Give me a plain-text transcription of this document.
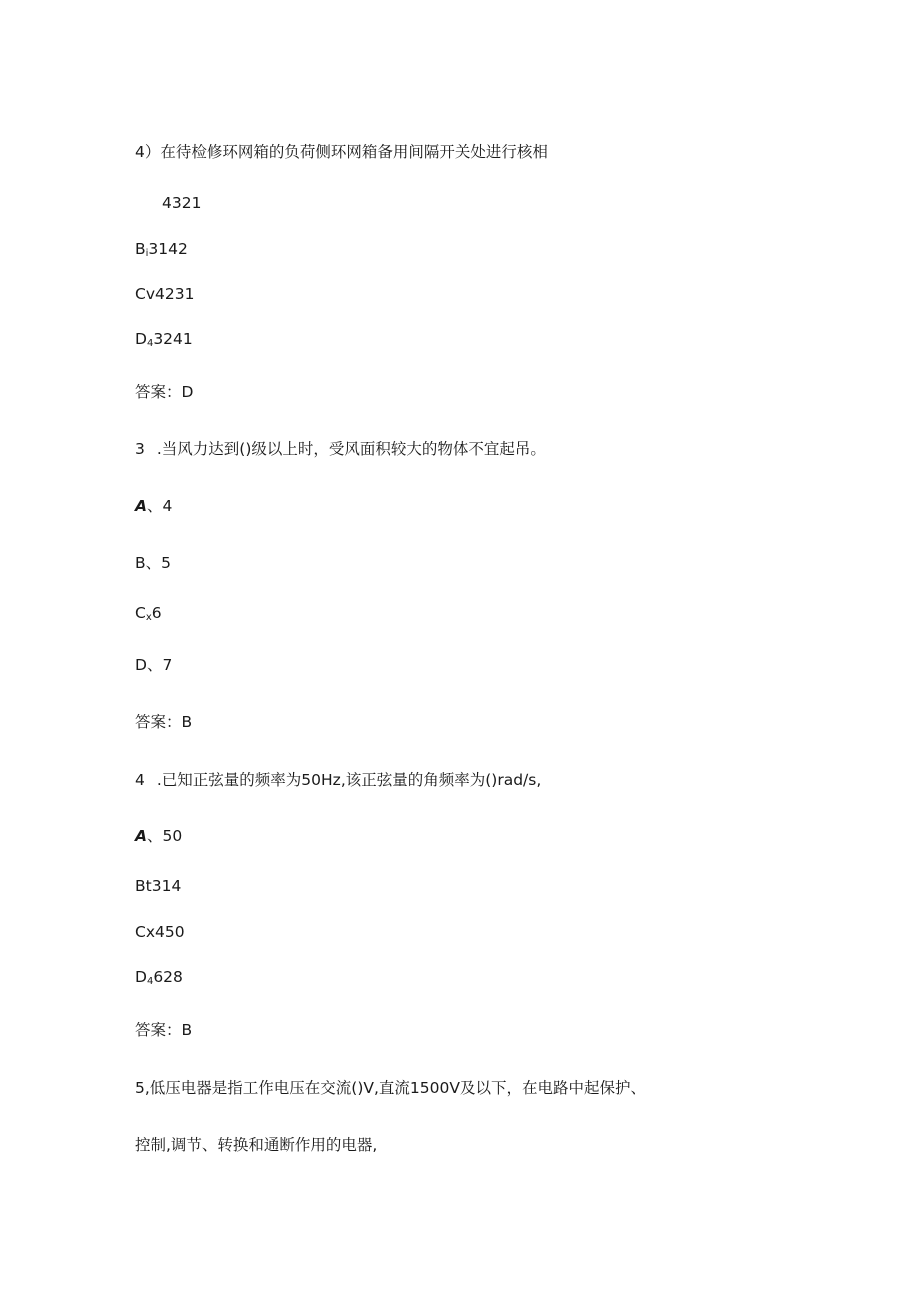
4）在待检修环网箱的负荷侧环网箱备用间隔开关处进行核相
4321
$B_i3142$
Cv4231
$D_43241$
答案：D
3 .当风力达到()级以上时，受风面积较大的物体不宜起吊。
A、4
B、5
$C_x6$
D、7
答案：B
4 .已知正弦量的频率为50Hz,该正弦量的角频率为()rad∕s,
A、50
Bt314
Cx450
$D_4628$
答案：B
5,低压电器是指工作电压在交流()V,直流1500V及以下，在电路中起保护、
控制,调节、转换和通断作用的电器,
